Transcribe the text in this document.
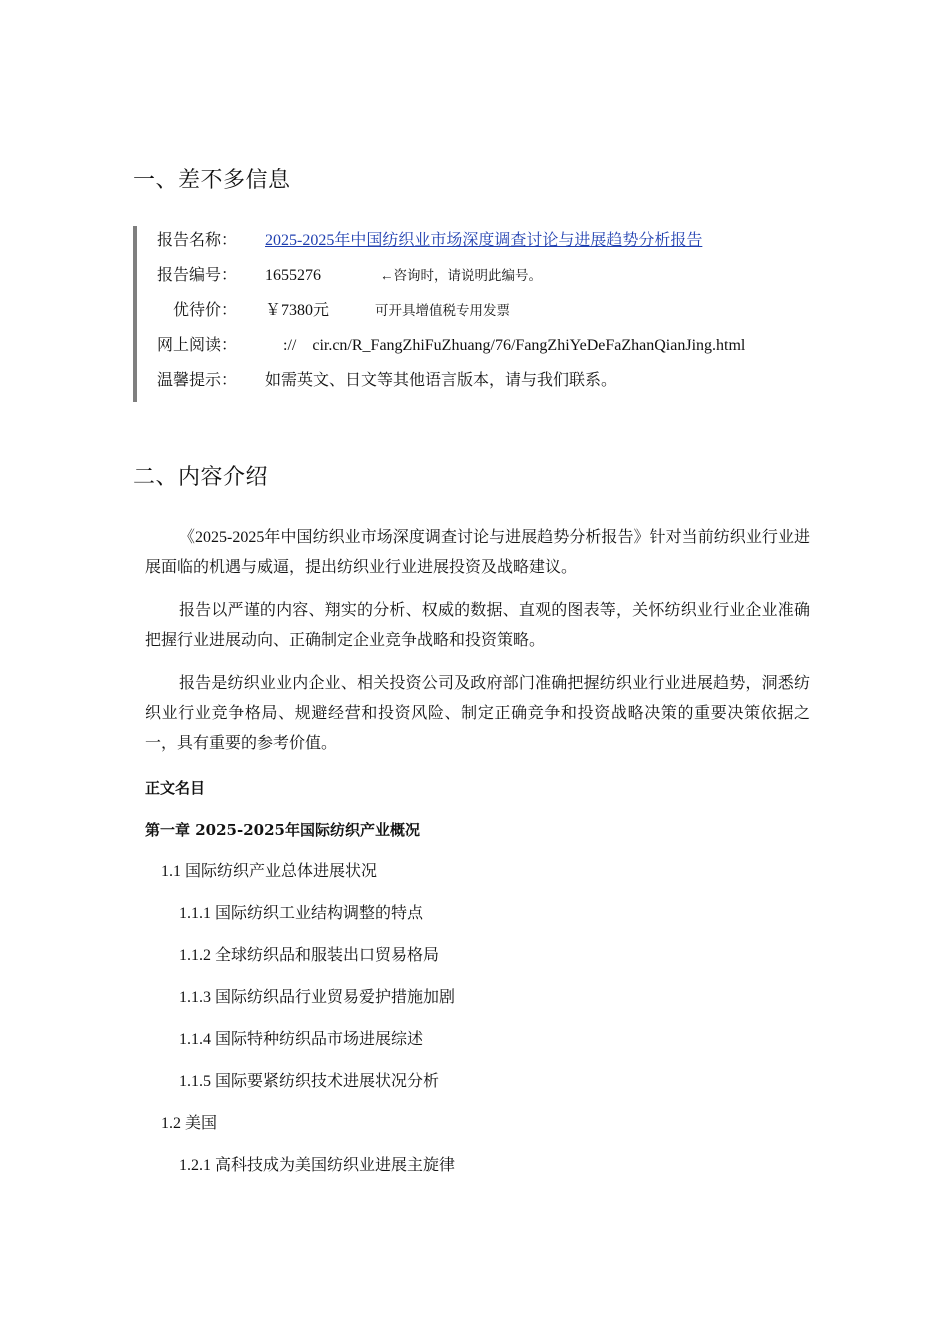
一、差不多信息
报告名称：	2025-2025年中国纺织业市场深度调查讨论与进展趋势分析报告
报告编号：	1655276	←咨询时，请说明此编号。
优待价： ￥7380元	可开具增值税专用发票
网上阅读：	://　cir.cn/R_FangZhiFuZhuang/76/FangZhiYeDeFaZhanQianJing.html
温馨提示：	如需英文、日文等其他语言版本，请与我们联系。
二、内容介绍

《2025-2025年中国纺织业市场深度调查讨论与进展趋势分析报告》针对当前纺织业行业进展面临的机遇与威逼，提出纺织业行业进展投资及战略建议。

报告以严谨的内容、翔实的分析、权威的数据、直观的图表等，关怀纺织业行业企业准确把握行业进展动向、正确制定企业竞争战略和投资策略。

报告是纺织业业内企业、相关投资公司及政府部门准确把握纺织业行业进展趋势，洞悉纺织业行业竞争格局、规避经营和投资风险、制定正确竞争和投资战略决策的重要决策依据之一，具有重要的参考价值。

正文名目
第一章 2025-2025年国际纺织产业概况
1.1 国际纺织产业总体进展状况
1.1.1 国际纺织工业结构调整的特点
1.1.2 全球纺织品和服装出口贸易格局
1.1.3 国际纺织品行业贸易爱护措施加剧
1.1.4 国际特种纺织品市场进展综述
1.1.5 国际要紧纺织技术进展状况分析
1.2 美国
1.2.1 高科技成为美国纺织业进展主旋律
